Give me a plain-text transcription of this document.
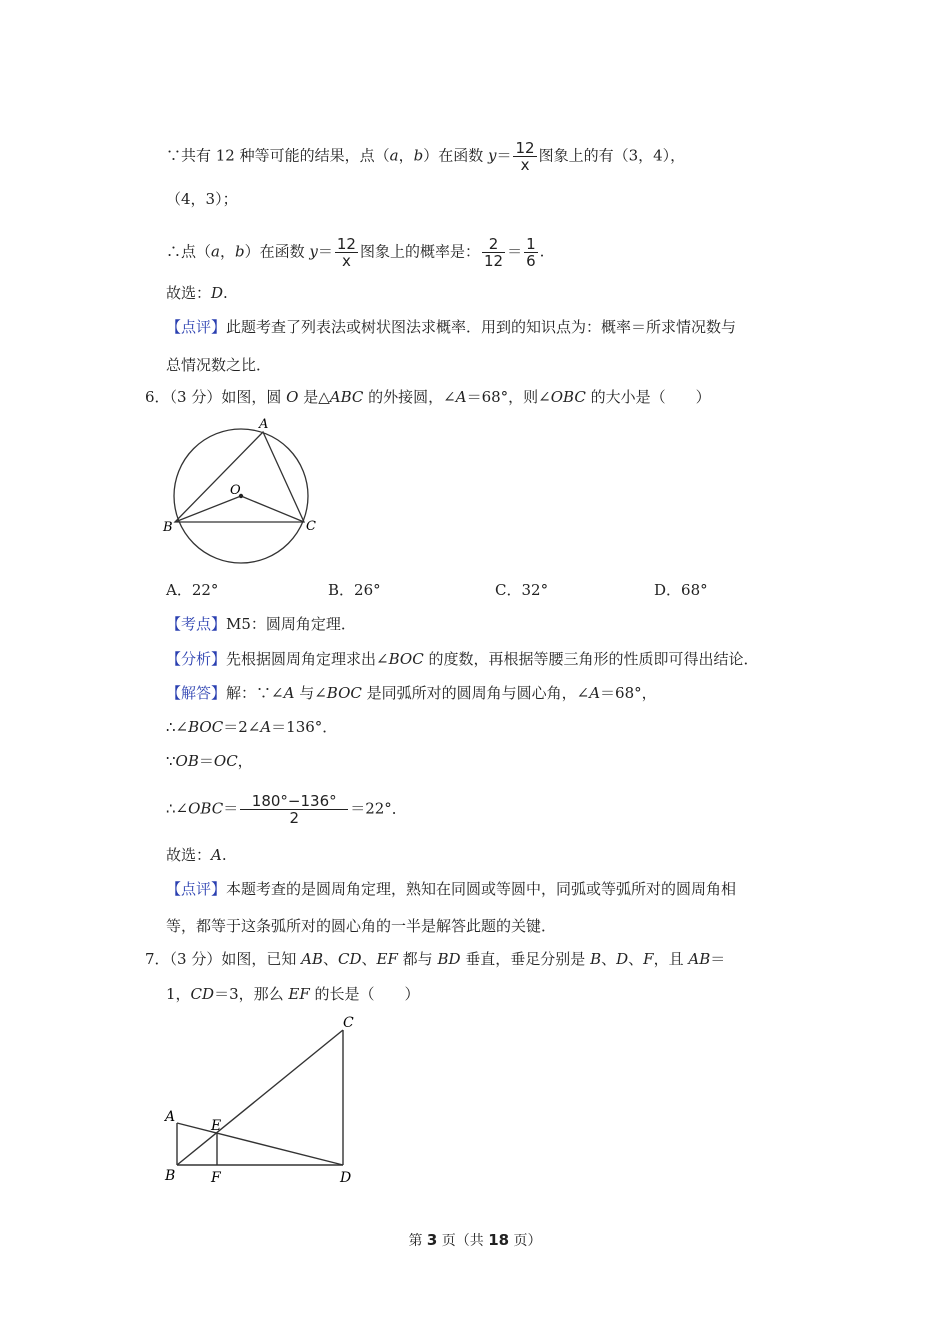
∵共有 12 种等可能的结果，点（a，b）在函数 $y= \frac{12}{x}$ 图象上的有（3，4），
（4，3）；
∴点（a，b）在函数 $y= \frac{12}{x}$ 图象上的概率是： $\frac{2}{12} = \frac{1}{6}$ .
故选：D.
【点评】此题考查了列表法或树状图法求概率．用到的知识点为：概率＝所求情况数与
总情况数之比．
6．（3 分）如图，圆 O 是△ABC 的外接圆，∠A＝68°，则∠OBC 的大小是（　　）
A
O
B	C
A．22°	B．26°	C．32°	D．68°
【考点】M5：圆周角定理．
【分析】先根据圆周角定理求出∠BOC 的度数，再根据等腰三角形的性质即可得出结论．
【解答】解：∵∠A 与∠BOC 是同弧所对的圆周角与圆心角，∠A＝68°，
∴∠BOC＝2∠A＝136°．
∵OB＝OC，
∴∠OBC＝ $\frac{180^\circ-136^\circ}{2} =22^\circ$．
故选：A.
【点评】本题考查的是圆周角定理，熟知在同圆或等圆中，同弧或等弧所对的圆周角相
等，都等于这条弧所对的圆心角的一半是解答此题的关键．
7．（3 分）如图，已知 AB、CD、EF 都与 BD 垂直，垂足分别是 B、D、F，且 AB＝
1，CD＝3，那么 EF 的长是（　　）
A
B
C
D
E
F
第 3 页（共 18 页）
